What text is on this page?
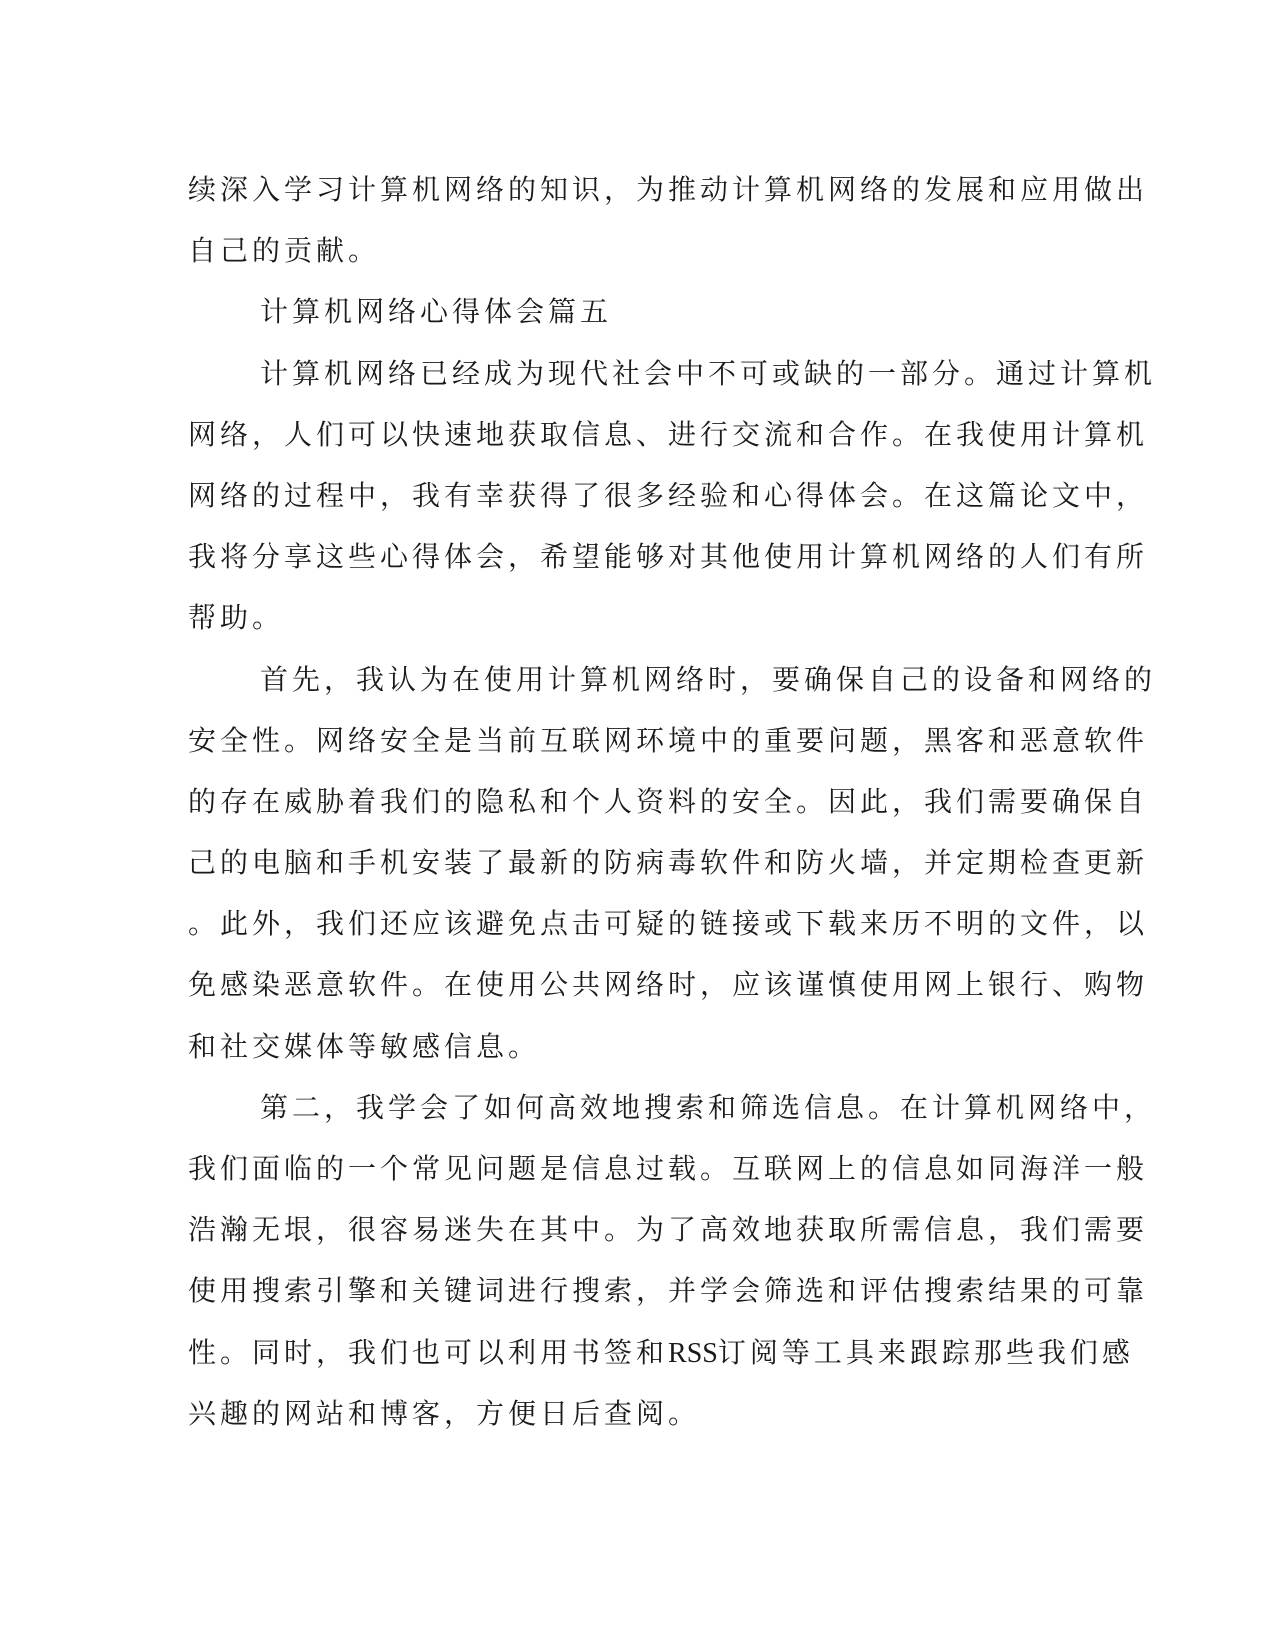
续深入学习计算机网络的知识，为推动计算机网络的发展和应用做出
自己的贡献。
计算机网络心得体会篇五
计算机网络已经成为现代社会中不可或缺的一部分。通过计算机
网络，人们可以快速地获取信息、进行交流和合作。在我使用计算机
网络的过程中，我有幸获得了很多经验和心得体会。在这篇论文中，
我将分享这些心得体会，希望能够对其他使用计算机网络的人们有所
帮助。
首先，我认为在使用计算机网络时，要确保自己的设备和网络的
安全性。网络安全是当前互联网环境中的重要问题，黑客和恶意软件
的存在威胁着我们的隐私和个人资料的安全。因此，我们需要确保自
己的电脑和手机安装了最新的防病毒软件和防火墙，并定期检查更新
。此外，我们还应该避免点击可疑的链接或下载来历不明的文件，以
免感染恶意软件。在使用公共网络时，应该谨慎使用网上银行、购物
和社交媒体等敏感信息。
第二，我学会了如何高效地搜索和筛选信息。在计算机网络中，
我们面临的一个常见问题是信息过载。互联网上的信息如同海洋一般
浩瀚无垠，很容易迷失在其中。为了高效地获取所需信息，我们需要
使用搜索引擎和关键词进行搜索，并学会筛选和评估搜索结果的可靠
性。同时，我们也可以利用书签和RSS订阅等工具来跟踪那些我们感
兴趣的网站和博客，方便日后查阅。
